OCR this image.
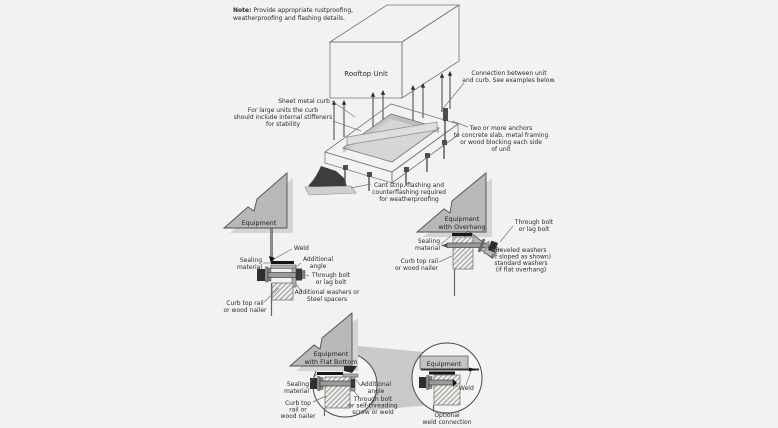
Note: Provide appropriate rustproofing,
weatherproofing and flashing details.
Rooftop Unit
Sheet metal curb
For large units the curb
should include internal stiffeners
for stability
Connection between unit
and curb. See examples below.
Two or more anchors
to concrete slab, metal framing
or wood blocking each side
of unit
Cant strip, flashing and
counterflashing required
for weatherproofing
Equipment
Weld
Sealing
material
Additional
angle
Through bolt
or lag bolt
Additional washers or
Steel spacers
Curb top rail
or wood nailer
Equipment
with Overhang
Through bolt
or lag bolt
Sealing
material
Curb top rail
or wood nailer
Beveled washers
(if sloped as shown)
standard washers
(if flat overhang)
Equipment
with Flat Bottom
Sealing
material
Curb top
rail or
wood nailer
Additional
angle
Through bolt
or self-threading
screw or weld
Equipment
Weld
Optional
weld connection
